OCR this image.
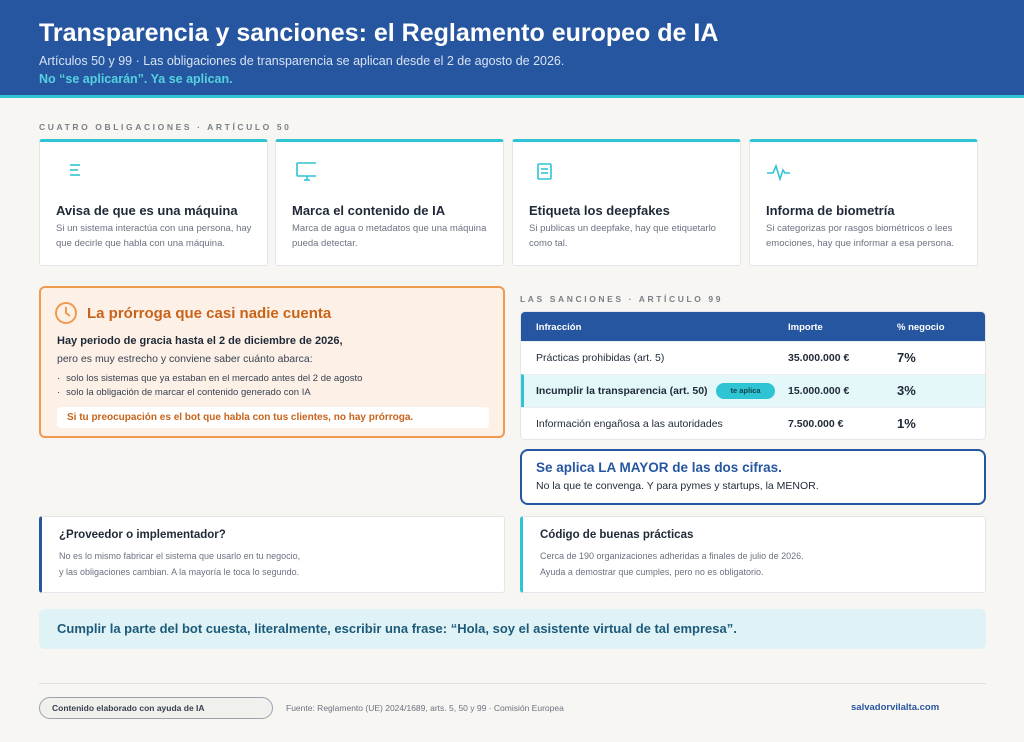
Transparencia y sanciones: el Reglamento europeo de IA
Artículos 50 y 99 · Las obligaciones de transparencia se aplican desde el 2 de agosto de 2026.
No “se aplicarán”. Ya se aplican.
CUATRO OBLIGACIONES · ARTÍCULO 50
Avisa de que es una máquina
Si un sistema interactúa con una persona, hay que decirle que habla con una máquina.
Marca el contenido de IA
Marca de agua o metadatos que una máquina pueda detectar.
Etiqueta los deepfakes
Si publicas un deepfake, hay que etiquetarlo como tal.
Informa de biometría
Si categorizas por rasgos biométricos o lees emociones, hay que informar a esa persona.
La prórroga que casi nadie cuenta
Hay periodo de gracia hasta el 2 de diciembre de 2026,
pero es muy estrecho y conviene saber cuánto abarca:
· solo los sistemas que ya estaban en el mercado antes del 2 de agosto
· solo la obligación de marcar el contenido generado con IA
Si tu preocupación es el bot que habla con tus clientes, no hay prórroga.
LAS SANCIONES · ARTÍCULO 99
Infracción	Importe	% negocio
Prácticas prohibidas (art. 5)	35.000.000 €	7%
Incumplir la transparencia (art. 50)	te aplica	15.000.000 €	3%
Información engañosa a las autoridades	7.500.000 €	1%
Se aplica LA MAYOR de las dos cifras.
No la que te convenga. Y para pymes y startups, la MENOR.
¿Proveedor o implementador?
No es lo mismo fabricar el sistema que usarlo en tu negocio,
y las obligaciones cambian. A la mayoría le toca lo segundo.
Código de buenas prácticas
Cerca de 190 organizaciones adheridas a finales de julio de 2026.
Ayuda a demostrar que cumples, pero no es obligatorio.
Cumplir la parte del bot cuesta, literalmente, escribir una frase: “Hola, soy el asistente virtual de tal empresa”.
Contenido elaborado con ayuda de IA	Fuente: Reglamento (UE) 2024/1689, arts. 5, 50 y 99 · Comisión Europea	salvadorvilalta.com
